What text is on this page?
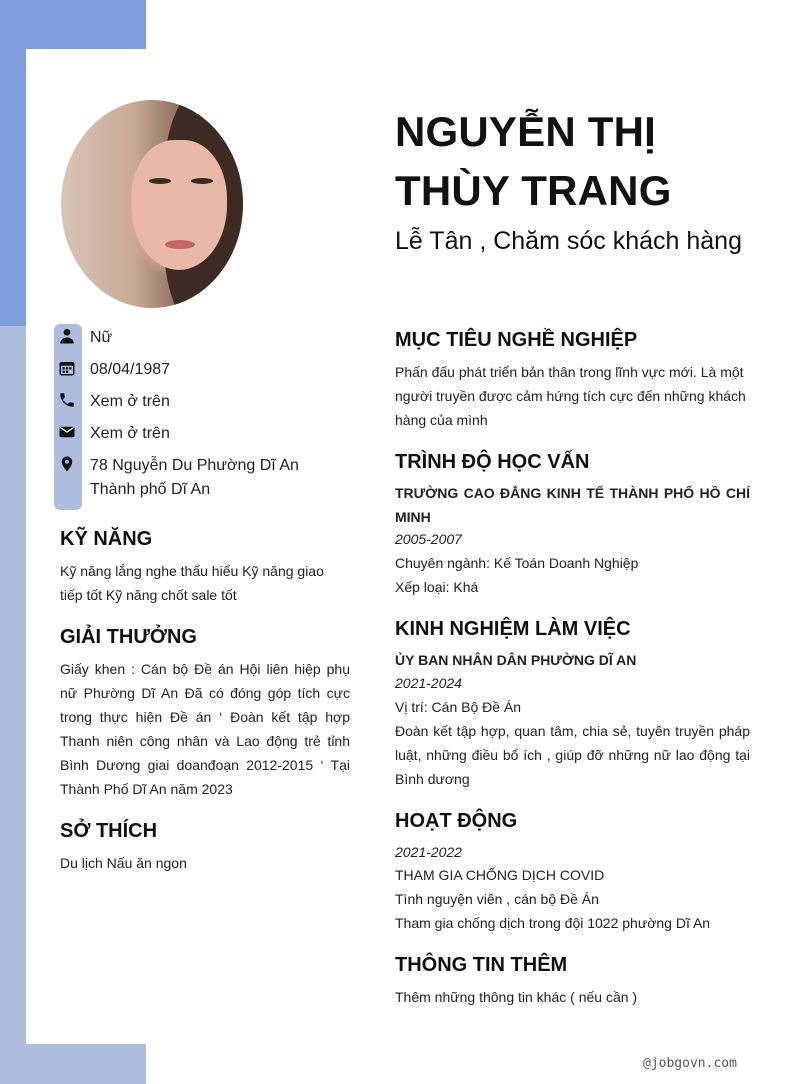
Nữ
08/04/1987
Xem ở trên
Xem ở trên
78 Nguyễn Du Phường Dĩ An Thành phố Dĩ An
KỸ NĂNG
Kỹ năng lắng nghe thấu hiểu Kỹ năng giao tiếp tốt Kỹ năng chốt sale tốt
GIẢI THƯỞNG
Giấy khen : Cán bộ Đề án Hội liên hiệp phụ nữ Phường Dĩ An Đã có đóng góp tích cực trong thực hiện Đề án ‘ Đoàn kết tập hợp Thanh niên công nhân và Lao động trẻ tỉnh Bình Dương giai doanđoạn 2012-2015 ‘ Tại Thành Phố Dĩ An năm 2023
SỞ THÍCH
Du lịch Nấu ăn ngon
NGUYỄN THỊ
THÙY TRANG
Lễ Tân , Chăm sóc khách hàng
MỤC TIÊU NGHỀ NGHIỆP
Phấn đấu phát triển bản thân trong lĩnh vực mới. Là một người truyền được cảm hứng tích cực đến những khách hàng của mình
TRÌNH ĐỘ HỌC VẤN
TRƯỜNG CAO ĐẲNG KINH TẾ THÀNH PHỐ HỒ CHÍ MINH
2005-2007
Chuyên ngành: Kế Toán Doanh Nghiệp
Xếp loại: Khá
KINH NGHIỆM LÀM VIỆC
ỦY BAN NHÂN DÂN PHƯỜNG DĨ AN
2021-2024
Vị trí: Cán Bộ Đề Án
Đoàn kết tập hợp, quan tâm, chia sẻ, tuyên truyền pháp luật, những điều bổ ích , giúp đỡ những nữ lao động tại Bình dương
HOẠT ĐỘNG
2021-2022
THAM GIA CHỐNG DỊCH COVID
Tình nguyện viên , cán bộ Đề Án
Tham gia chống dịch trong đội 1022 phường Dĩ An
THÔNG TIN THÊM
Thêm những thông tin khác ( nếu cần )
@jobgovn.com
